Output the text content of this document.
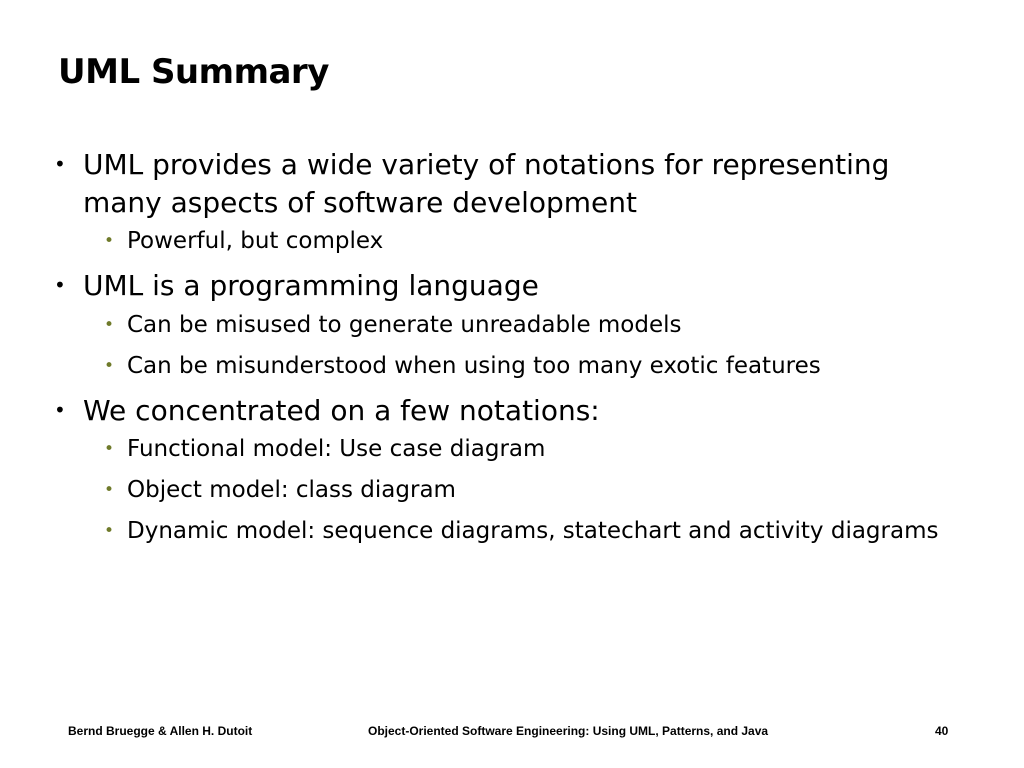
UML Summary
• UML provides a wide variety of notations for representing many aspects of software development
• Powerful, but complex
• UML is a programming language
• Can be misused to generate unreadable models
• Can be misunderstood when using too many exotic features
• We concentrated on a few notations:
• Functional model: Use case diagram
• Object model: class diagram
• Dynamic model: sequence diagrams, statechart and activity diagrams
Bernd Bruegge & Allen H. Dutoit	Object-Oriented Software Engineering: Using UML, Patterns, and Java	40
